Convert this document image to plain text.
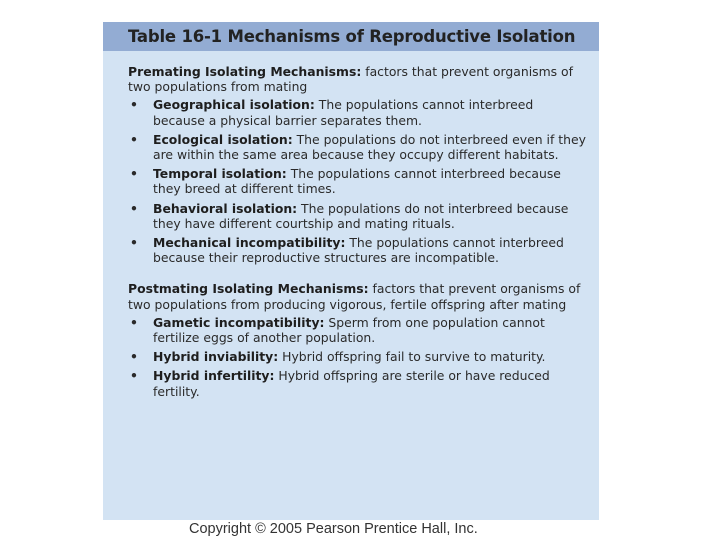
Table 16-1 Mechanisms of Reproductive Isolation

Premating Isolating Mechanisms: factors that prevent organisms of two populations from mating

• Geographical isolation: The populations cannot interbreed because a physical barrier separates them.
• Ecological isolation: The populations do not interbreed even if they are within the same area because they occupy different habitats.
• Temporal isolation: The populations cannot interbreed because they breed at different times.
• Behavioral isolation: The populations do not interbreed because they have different courtship and mating rituals.
• Mechanical incompatibility: The populations cannot interbreed because their reproductive structures are incompatible.

Postmating Isolating Mechanisms: factors that prevent organisms of two populations from producing vigorous, fertile offspring after mating

• Gametic incompatibility: Sperm from one population cannot fertilize eggs of another population.
• Hybrid inviability: Hybrid offspring fail to survive to maturity.
• Hybrid infertility: Hybrid offspring are sterile or have reduced fertility.
Copyright © 2005 Pearson Prentice Hall, Inc.
